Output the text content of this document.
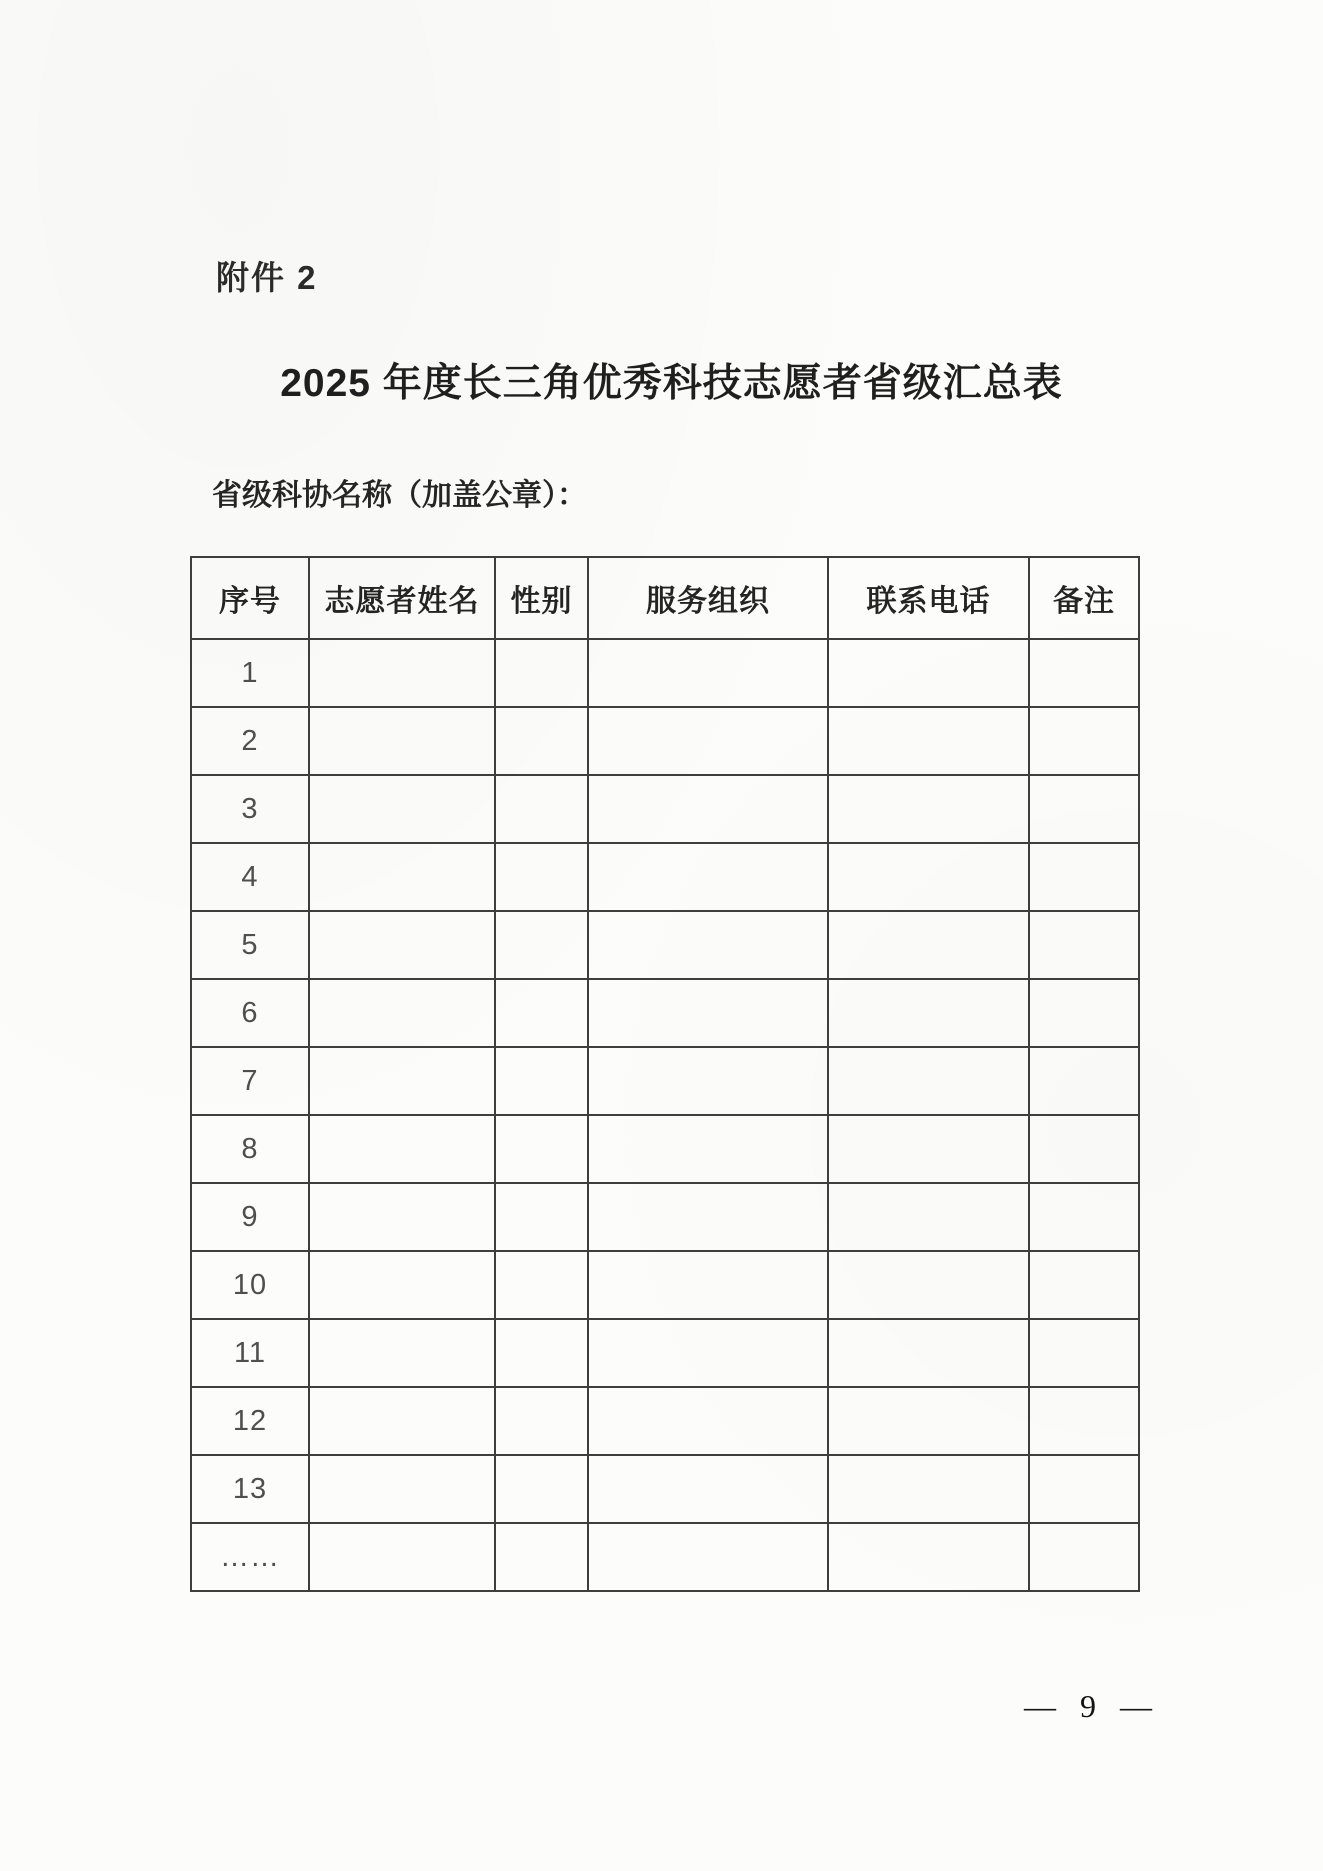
附件 2
2025 年度长三角优秀科技志愿者省级汇总表
省级科协名称（加盖公章）：
序号	志愿者姓名	性别	服务组织	联系电话	备注
1					
2					
3					
4					
5					
6					
7					
8					
9					
10					
11					
12					
13					
……					
— 9 —
